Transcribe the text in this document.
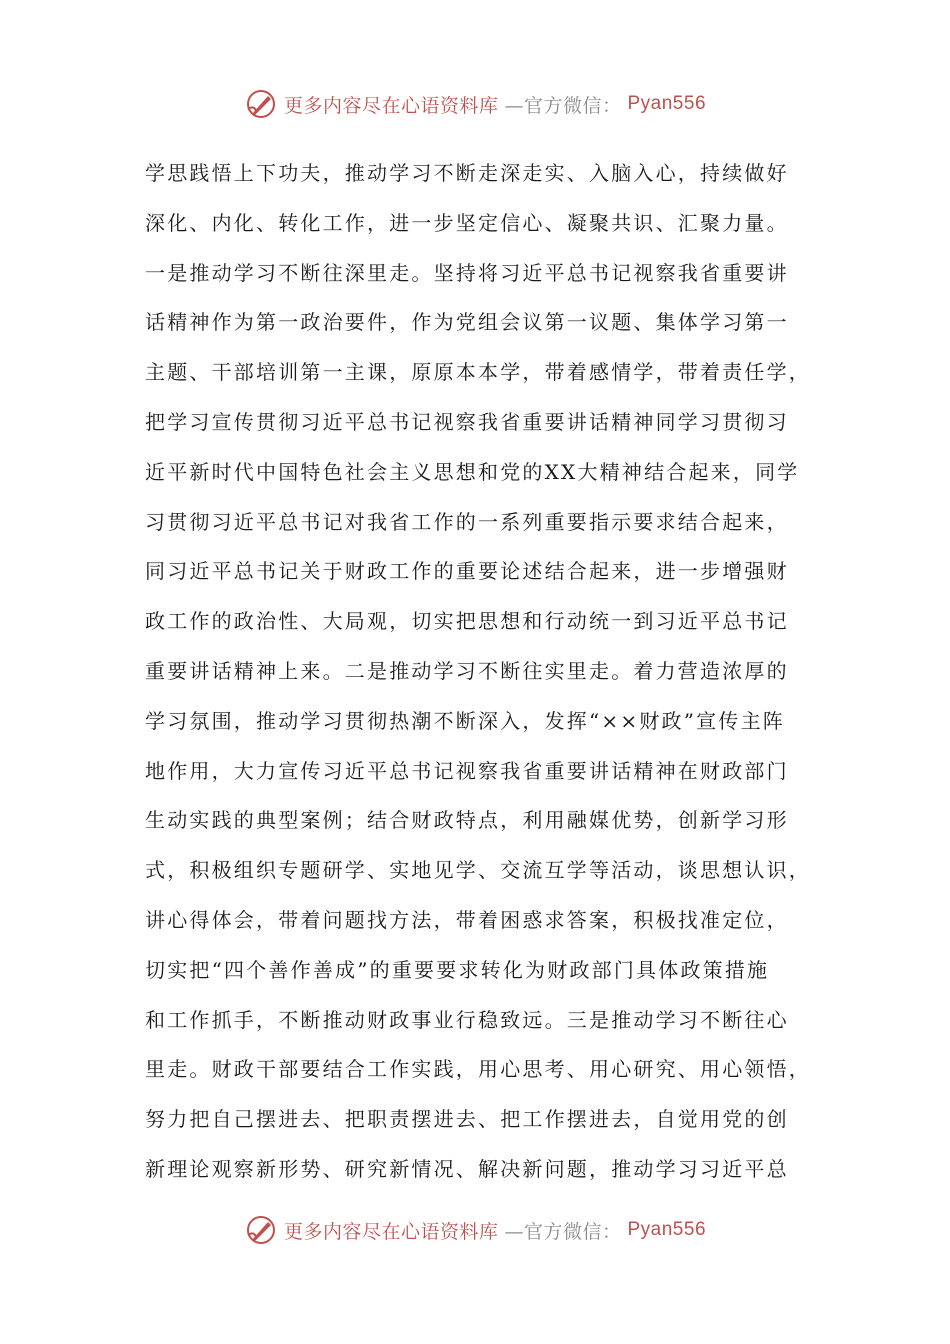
更多内容尽在心语资料库 —官方微信： Pyan556
学思践悟上下功夫，推动学习不断走深走实、入脑入心，持续做好
深化、内化、转化工作，进一步坚定信心、凝聚共识、汇聚力量。
一是推动学习不断往深里走。坚持将习近平总书记视察我省重要讲
话精神作为第一政治要件，作为党组会议第一议题、集体学习第一
主题、干部培训第一主课，原原本本学，带着感情学，带着责任学，
把学习宣传贯彻习近平总书记视察我省重要讲话精神同学习贯彻习
近平新时代中国特色社会主义思想和党的XX大精神结合起来，同学
习贯彻习近平总书记对我省工作的一系列重要指示要求结合起来，
同习近平总书记关于财政工作的重要论述结合起来，进一步增强财
政工作的政治性、大局观，切实把思想和行动统一到习近平总书记
重要讲话精神上来。二是推动学习不断往实里走。着力营造浓厚的
学习氛围，推动学习贯彻热潮不断深入，发挥“××财政”宣传主阵
地作用，大力宣传习近平总书记视察我省重要讲话精神在财政部门
生动实践的典型案例；结合财政特点，利用融媒优势，创新学习形
式，积极组织专题研学、实地见学、交流互学等活动，谈思想认识，
讲心得体会，带着问题找方法，带着困惑求答案，积极找准定位，
切实把“四个善作善成”的重要要求转化为财政部门具体政策措施
和工作抓手，不断推动财政事业行稳致远。三是推动学习不断往心
里走。财政干部要结合工作实践，用心思考、用心研究、用心领悟，
努力把自己摆进去、把职责摆进去、把工作摆进去，自觉用党的创
新理论观察新形势、研究新情况、解决新问题，推动学习习近平总
更多内容尽在心语资料库 —官方微信： Pyan556
